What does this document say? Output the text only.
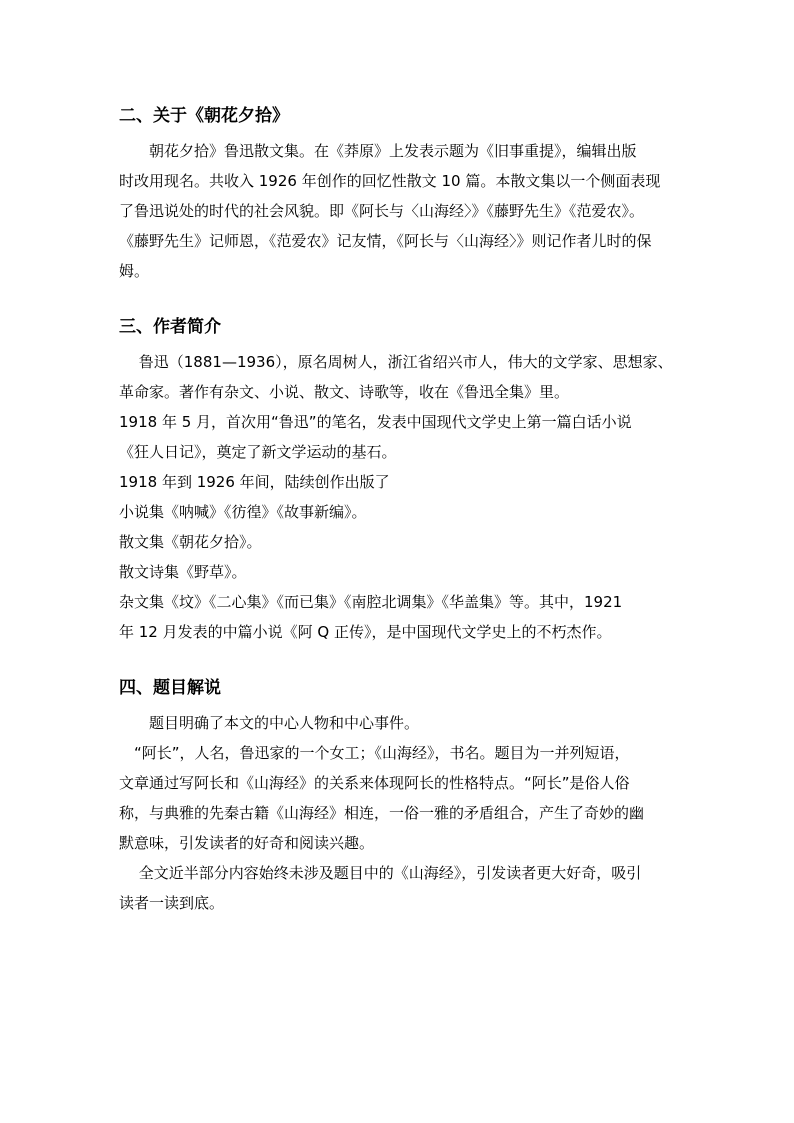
二、关于《朝花夕拾》

　　朝花夕拾》鲁迅散文集。在《莽原》上发表示题为《旧事重提》，编辑出版

时改用现名。共收入 1926 年创作的回忆性散文 10 篇。本散文集以一个侧面表现

了鲁迅说处的时代的社会风貌。即《阿长与〈山海经〉》《藤野先生》《范爱农》。

《藤野先生》记师恩，《范爱农》记友情，《阿长与〈山海经〉》则记作者儿时的保

姆。

三、作者简介

　 鲁迅（1881—1936），原名周树人，浙江省绍兴市人，伟大的文学家、思想家、

革命家。著作有杂文、小说、散文、诗歌等，收在《鲁迅全集》里。

1918 年 5 月，首次用“鲁迅”的笔名，发表中国现代文学史上第一篇白话小说

《狂人日记》，奠定了新文学运动的基石。

1918 年到 1926 年间，陆续创作出版了

小说集《呐喊》《彷徨》《故事新编》。

散文集《朝花夕拾》。

散文诗集《野草》。

杂文集《坟》《二心集》《而已集》《南腔北调集》《华盖集》等。其中，1921

年 12 月发表的中篇小说《阿 Q 正传》，是中国现代文学史上的不朽杰作。

四、题目解说

　　题目明确了本文的中心人物和中心事件。

　“阿长”，人名，鲁迅家的一个女工；《山海经》，书名。题目为一并列短语，

文章通过写阿长和《山海经》的关系来体现阿长的性格特点。“阿长”是俗人俗

称，与典雅的先秦古籍《山海经》相连，一俗一雅的矛盾组合，产生了奇妙的幽

默意味，引发读者的好奇和阅读兴趣。

　 全文近半部分内容始终未涉及题目中的《山海经》，引发读者更大好奇，吸引

读者一读到底。
